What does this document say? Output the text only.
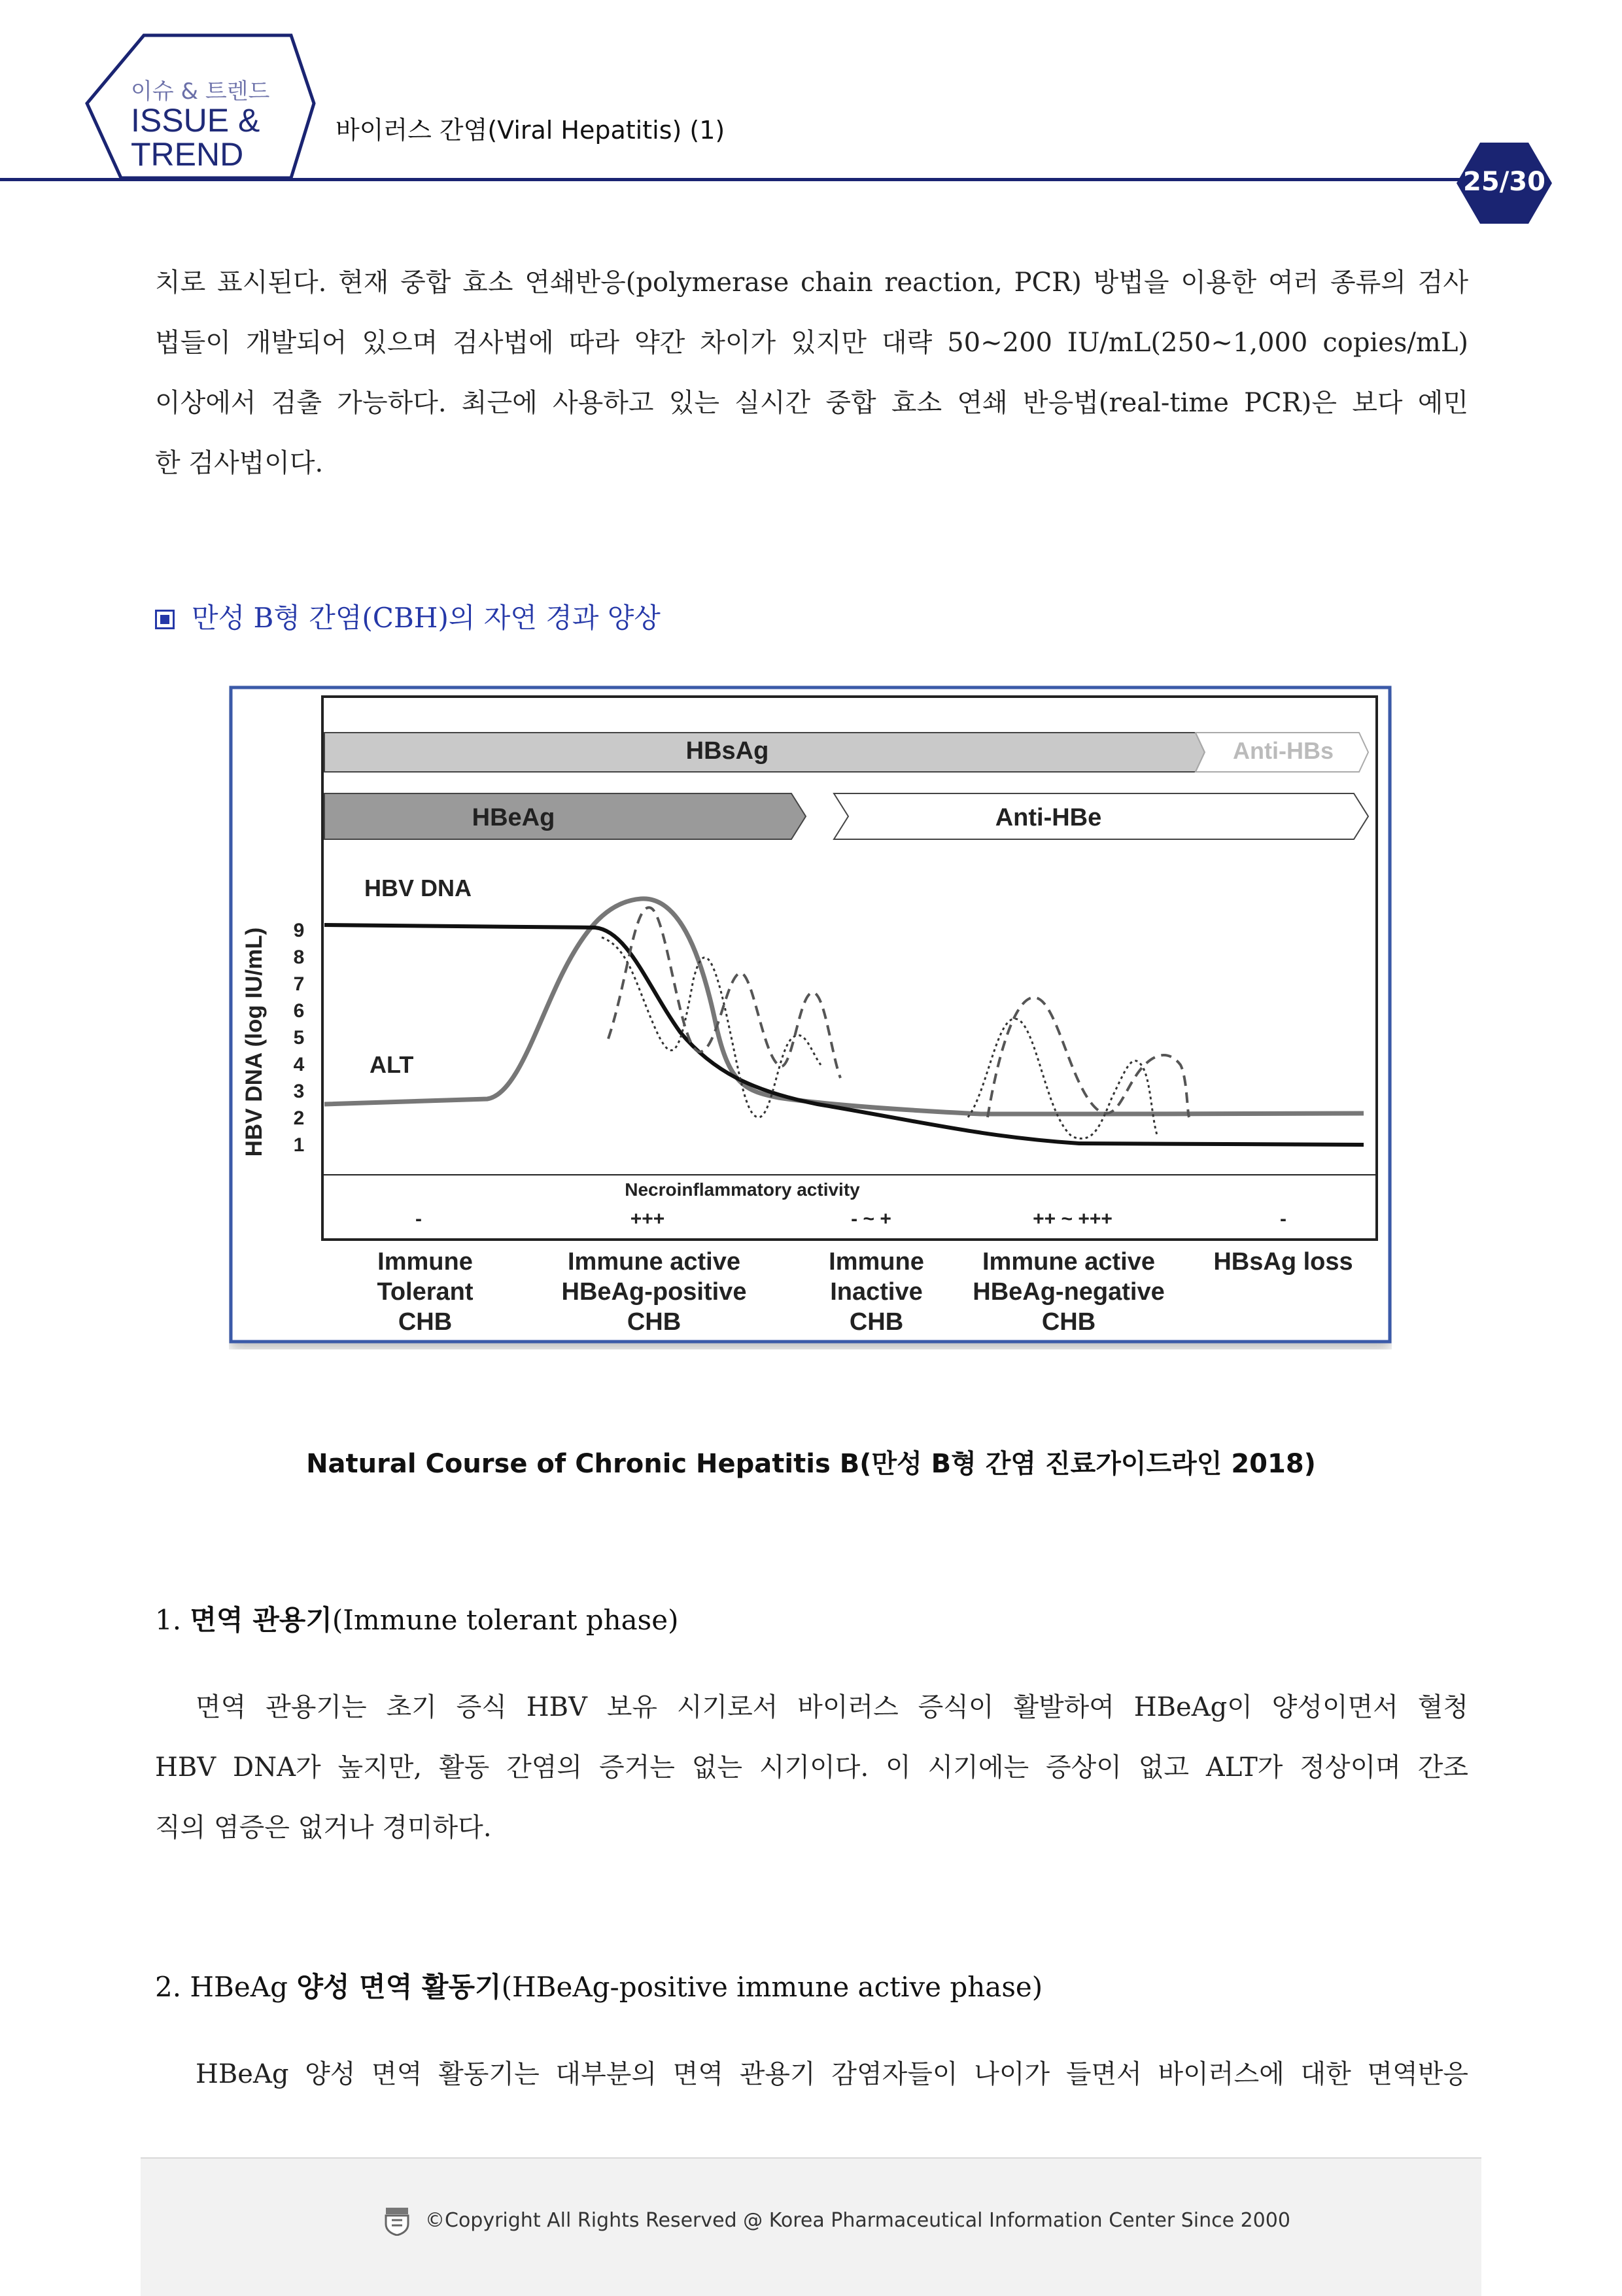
이슈 & 트렌드
ISSUE &
TREND
바이러스 간염(Viral Hepatitis) (1)
25/30
치로 표시된다. 현재 중합 효소 연쇄반응(polymerase chain reaction, PCR) 방법을 이용한 여러 종류의 검사
법들이 개발되어 있으며 검사법에 따라 약간 차이가 있지만 대략 50∼200 IU/mL(250∼1,000 copies/mL)
이상에서 검출 가능하다. 최근에 사용하고 있는 실시간 중합 효소 연쇄 반응법(real-time PCR)은 보다 예민
한 검사법이다.
만성 B형 간염(CBH)의 자연 경과 양상
HBsAg	Anti-HBs
HBeAg	Anti-HBe
HBV DNA (log IU/mL) 9
8
7
6
5
4
3
2
1
HBV DNA
ALT
Necroinflammatory activity
-	+++	- ~ +	++ ~ +++	-
Immune
Tolerant
CHB
Immune active
HBeAg-positive
CHB
Immune
Inactive
CHB
Immune active
HBeAg-negative
CHB
HBsAg loss
Natural Course of Chronic Hepatitis B(만성 B형 간염 진료가이드라인 2018)
1. 면역 관용기(Immune tolerant phase)
면역 관용기는 초기 증식 HBV 보유 시기로서 바이러스 증식이 활발하여 HBeAg이 양성이면서 혈청
HBV DNA가 높지만, 활동 간염의 증거는 없는 시기이다. 이 시기에는 증상이 없고 ALT가 정상이며 간조
직의 염증은 없거나 경미하다.
2. HBeAg 양성 면역 활동기(HBeAg-positive immune active phase)
HBeAg 양성 면역 활동기는 대부분의 면역 관용기 감염자들이 나이가 들면서 바이러스에 대한 면역반응
©Copyright All Rights Reserved @ Korea Pharmaceutical Information Center Since 2000
